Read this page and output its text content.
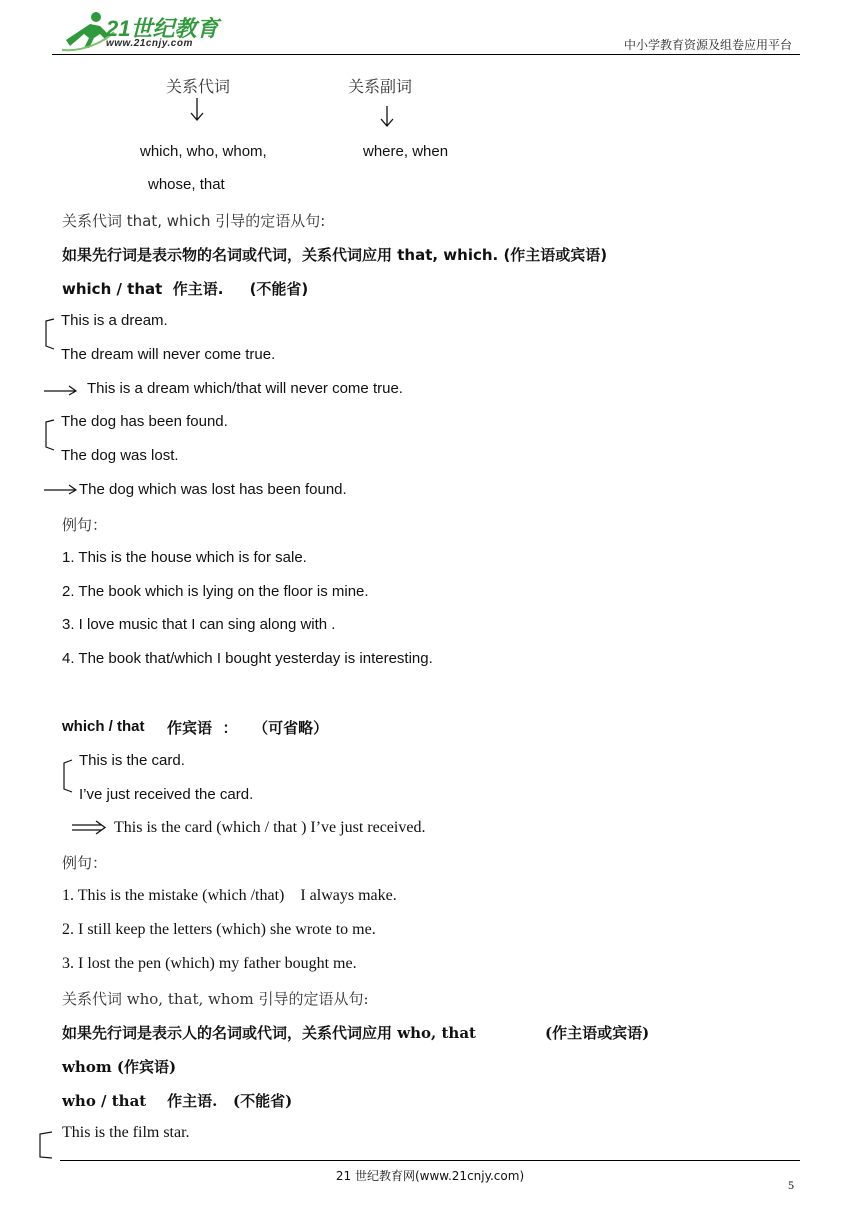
21世纪教育
www.21cnjy.com	中小学教育资源及组卷应用平台
关系代词	关系副词
which, who, whom,
whose, that
where, when
关系代词 that, which 引导的定语从句:
如果先行词是表示物的名词或代词，关系代词应用 that, which. (作主语或宾语)
which / that  作主语.     (不能省)
This is a dream.
The dream will never come true.
This is a dream which/that will never come true.
The dog has been found.
The dog was lost.
The dog which was lost has been found.
例句：
1. This is the house which is for sale.
2. The book which is lying on the floor is mine.
3. I love music that I can sing along with .
4. The book that/which I bought yesterday is interesting.
which / that 作宾语  ：   （可省略）
This is the card.
I’ve just received the card.
This is the card (which / that ) I’ve just received.
例句：
1. This is the mistake (which /that)    I always make.
2. I still keep the letters (which) she wrote to me.
3. I lost the pen (which) my father bought me.
关系代词 who, that, whom 引导的定语从句:
如果先行词是表示人的名词或代词，关系代词应用 who, that	(作主语或宾语)
whom (作宾语)
who / that    作主语.   (不能省)
This is the film star.
21 世纪教育网(www.21cnjy.com)
5
